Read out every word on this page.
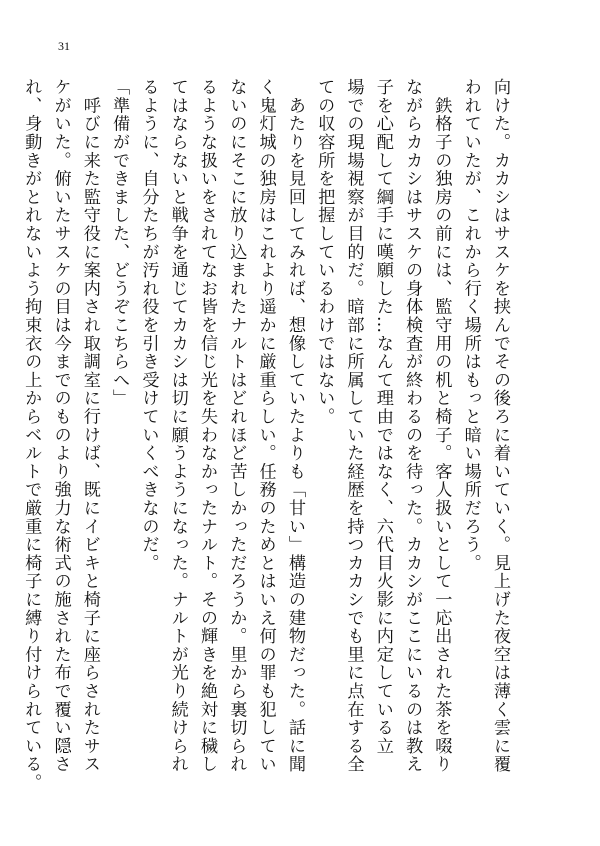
31
向けた。カカシはサスケを挟んでその後ろに着いていく。見上げた夜空は薄く雲に覆
われていたが、これから行く場所はもっと暗い場所だろう。
　鉄格子の独房の前には、監守用の机と椅子。客人扱いとして一応出された茶を啜り
ながらカカシはサスケの身体検査が終わるのを待った。カカシがここにいるのは教え
子を心配して綱手に嘆願した…なんて理由ではなく、六代目火影に内定している立
場での現場視察が目的だ。暗部に所属していた経歴を持つカカシでも里に点在する全
ての収容所を把握しているわけではない。
　あたりを見回してみれば、想像していたよりも「甘い」構造の建物だった。話に聞
く鬼灯城の独房はこれより遥かに厳重らしい。任務のためとはいえ何の罪も犯してい
ないのにそこに放り込まれたナルトはどれほど苦しかっただろうか。里から裏切られ
るような扱いをされてなお皆を信じ光を失わなかったナルト。その輝きを絶対に穢し
てはならないと戦争を通じてカカシは切に願うようになった。ナルトが光り続けられ
るように、自分たちが汚れ役を引き受けていくべきなのだ。
「準備ができました、どうぞこちらへ」
　呼びに来た監守役に案内され取調室に行けば、既にイビキと椅子に座らされたサス
ケがいた。俯いたサスケの目は今までのものより強力な術式の施された布で覆い隠さ
れ、身動きがとれないよう拘束衣の上からベルトで厳重に椅子に縛り付けられている。
